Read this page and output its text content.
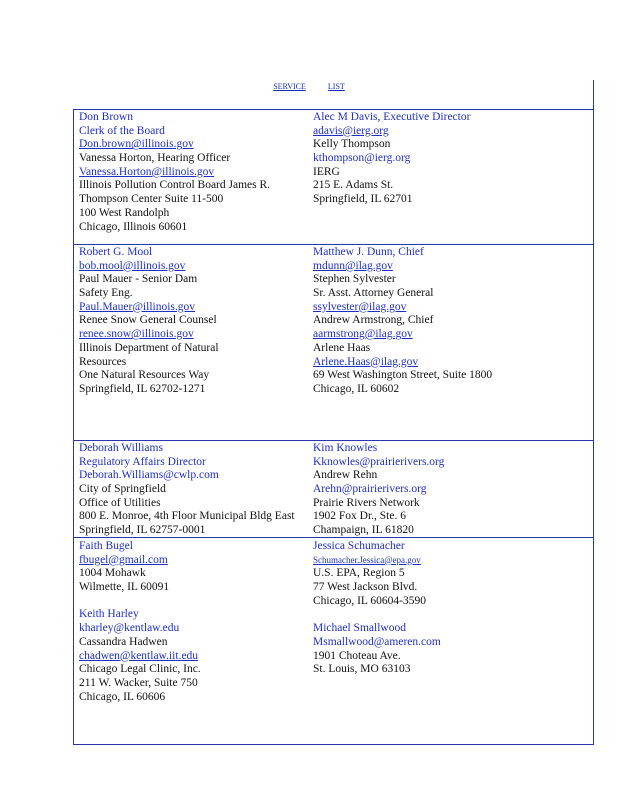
SERVICE	LIST
Don Brown
Clerk of the Board
Don.brown@illinois.gov
Vanessa Horton, Hearing Officer
Vanessa.Horton@illinois.gov
Illinois Pollution Control Board James R.
Thompson Center Suite 11-500
100 West Randolph
Chicago, Illinois 60601
Alec M Davis, Executive Director
adavis@ierg.org
Kelly Thompson
kthompson@ierg.org
IERG
215 E. Adams St.
Springfield, IL 62701
Robert G. Mool
bob.mool@illinois.gov
Paul Mauer - Senior Dam
Safety Eng.
Paul.Mauer@illinois.gov
Renee Snow General Counsel
renee.snow@illinois.gov
Illinois Department of Natural
Resources
One Natural Resources Way
Springfield, IL 62702-1271
Matthew J. Dunn, Chief
mdunn@ilag.gov
Stephen Sylvester
Sr. Asst. Attorney General
ssylvester@ilag.gov
Andrew Armstrong, Chief
aarmstrong@ilag.gov
Arlene Haas
Arlene.Haas@ilag.gov
69 West Washington Street, Suite 1800
Chicago, IL 60602
Deborah Williams
Regulatory Affairs Director
Deborah.Williams@cwlp.com
City of Springfield
Office of Utilities
800 E. Monroe, 4th Floor Municipal Bldg East
Springfield, IL 62757-0001
Kim Knowles
Kknowles@prairierivers.org
Andrew Rehn
Arehn@prairierivers.org
Prairie Rivers Network
1902 Fox Dr., Ste. 6
Champaign, IL 61820
Faith Bugel
fbugel@gmail.com
1004 Mohawk
Wilmette, IL 60091
Keith Harley
kharley@kentlaw.edu
Cassandra Hadwen
chadwen@kentlaw.iit.edu
Chicago Legal Clinic, Inc.
211 W. Wacker, Suite 750
Chicago, IL 60606
Jessica Schumacher
Schumacher.Jessica@epa.gov
U.S. EPA, Region 5
77 West Jackson Blvd.
Chicago, IL 60604-3590
Michael Smallwood
Msmallwood@ameren.com
1901 Choteau Ave.
St. Louis, MO 63103
